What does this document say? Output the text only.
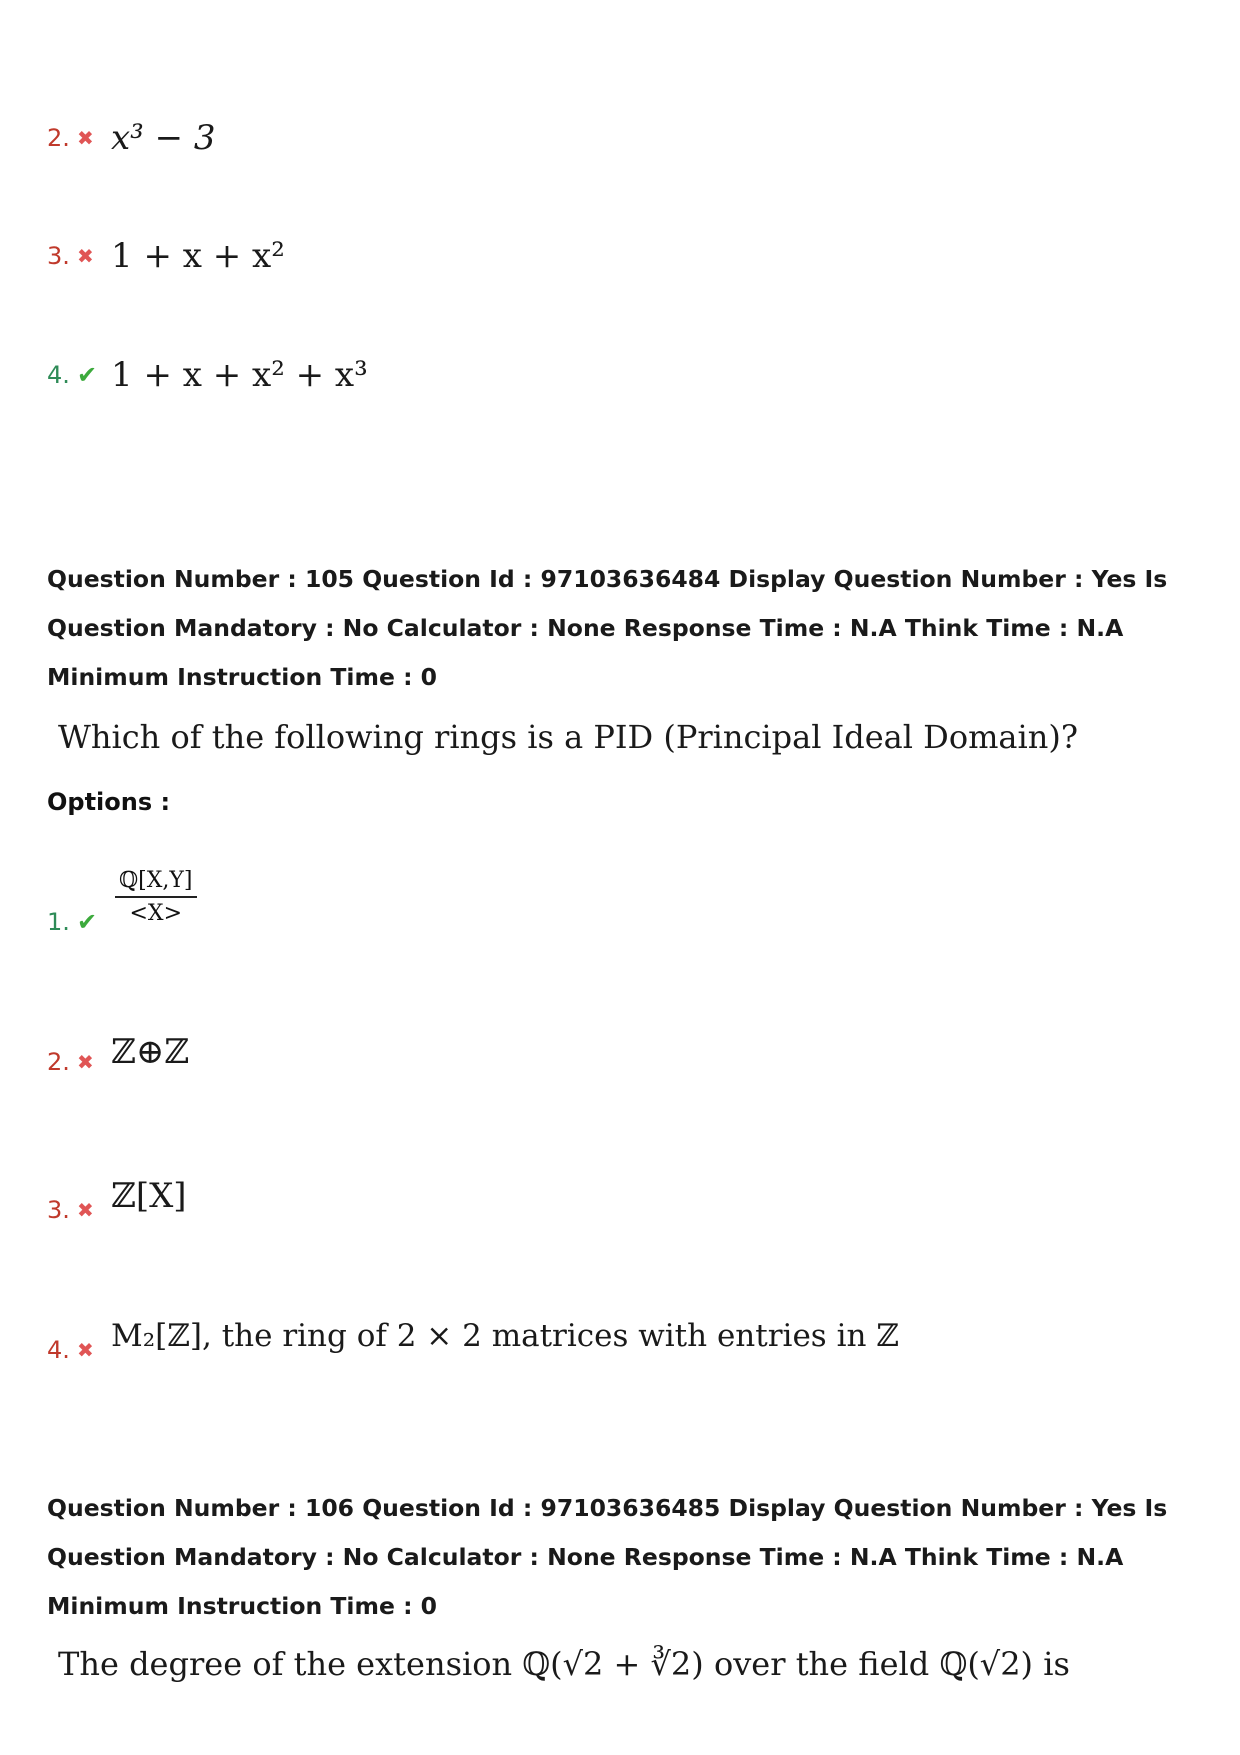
2. ✖ x³ − 3
3. ✖ 1 + x + x²
4. ✔ 1 + x + x² + x³
Question Number : 105 Question Id : 97103636484 Display Question Number : Yes Is Question Mandatory : No Calculator : None Response Time : N.A Think Time : N.A Minimum Instruction Time : 0
Which of the following rings is a PID (Principal Ideal Domain)?
Options :
1. ✔ $\frac{\text{ℚ[X,Y]}}{<X>}$
2. ✖ ℤ⊕ℤ
3. ✖ ℤ[X]
4. ✖ M₂[ℤ], the ring of 2 × 2 matrices with entries in ℤ
Question Number : 106 Question Id : 97103636485 Display Question Number : Yes Is Question Mandatory : No Calculator : None Response Time : N.A Think Time : N.A Minimum Instruction Time : 0
The degree of the extension ℚ(√2 + ∛2) over the field ℚ(√2) is
